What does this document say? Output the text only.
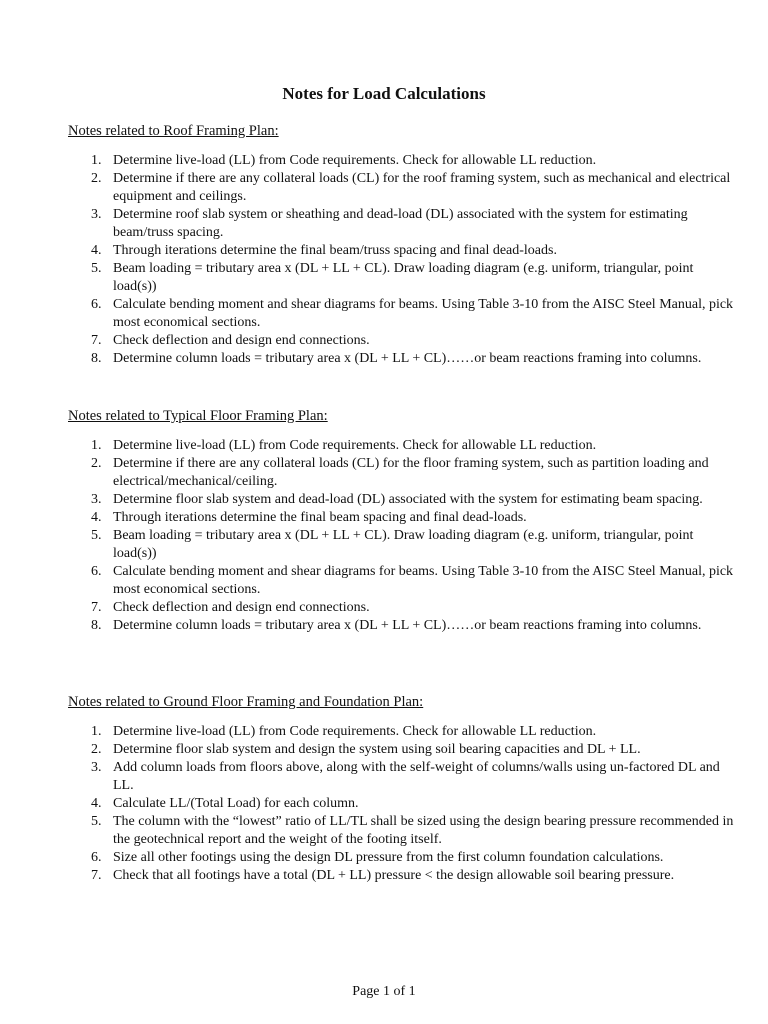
Notes for Load Calculations

Notes related to Roof Framing Plan:

1. Determine live-load (LL) from Code requirements. Check for allowable LL reduction.
2. Determine if there are any collateral loads (CL) for the roof framing system, such as mechanical and electrical equipment and ceilings.
3. Determine roof slab system or sheathing and dead-load (DL) associated with the system for estimating beam/truss spacing.
4. Through iterations determine the final beam/truss spacing and final dead-loads.
5. Beam loading = tributary area x (DL + LL + CL). Draw loading diagram (e.g. uniform, triangular, point load(s))
6. Calculate bending moment and shear diagrams for beams. Using Table 3-10 from the AISC Steel Manual, pick most economical sections.
7. Check deflection and design end connections.
8. Determine column loads = tributary area x (DL + LL + CL)……or beam reactions framing into columns.

Notes related to Typical Floor Framing Plan:

1. Determine live-load (LL) from Code requirements. Check for allowable LL reduction.
2. Determine if there are any collateral loads (CL) for the floor framing system, such as partition loading and electrical/mechanical/ceiling.
3. Determine floor slab system and dead-load (DL) associated with the system for estimating beam spacing.
4. Through iterations determine the final beam spacing and final dead-loads.
5. Beam loading = tributary area x (DL + LL + CL). Draw loading diagram (e.g. uniform, triangular, point load(s))
6. Calculate bending moment and shear diagrams for beams. Using Table 3-10 from the AISC Steel Manual, pick most economical sections.
7. Check deflection and design end connections.
8. Determine column loads = tributary area x (DL + LL + CL)……or beam reactions framing into columns.

Notes related to Ground Floor Framing and Foundation Plan:

1. Determine live-load (LL) from Code requirements. Check for allowable LL reduction.
2. Determine floor slab system and design the system using soil bearing capacities and DL + LL.
3. Add column loads from floors above, along with the self-weight of columns/walls using un-factored DL and LL.
4. Calculate LL/(Total Load) for each column.
5. The column with the “lowest” ratio of LL/TL shall be sized using the design bearing pressure recommended in the geotechnical report and the weight of the footing itself.
6. Size all other footings using the design DL pressure from the first column foundation calculations.
7. Check that all footings have a total (DL + LL) pressure < the design allowable soil bearing pressure.

Page 1 of 1
